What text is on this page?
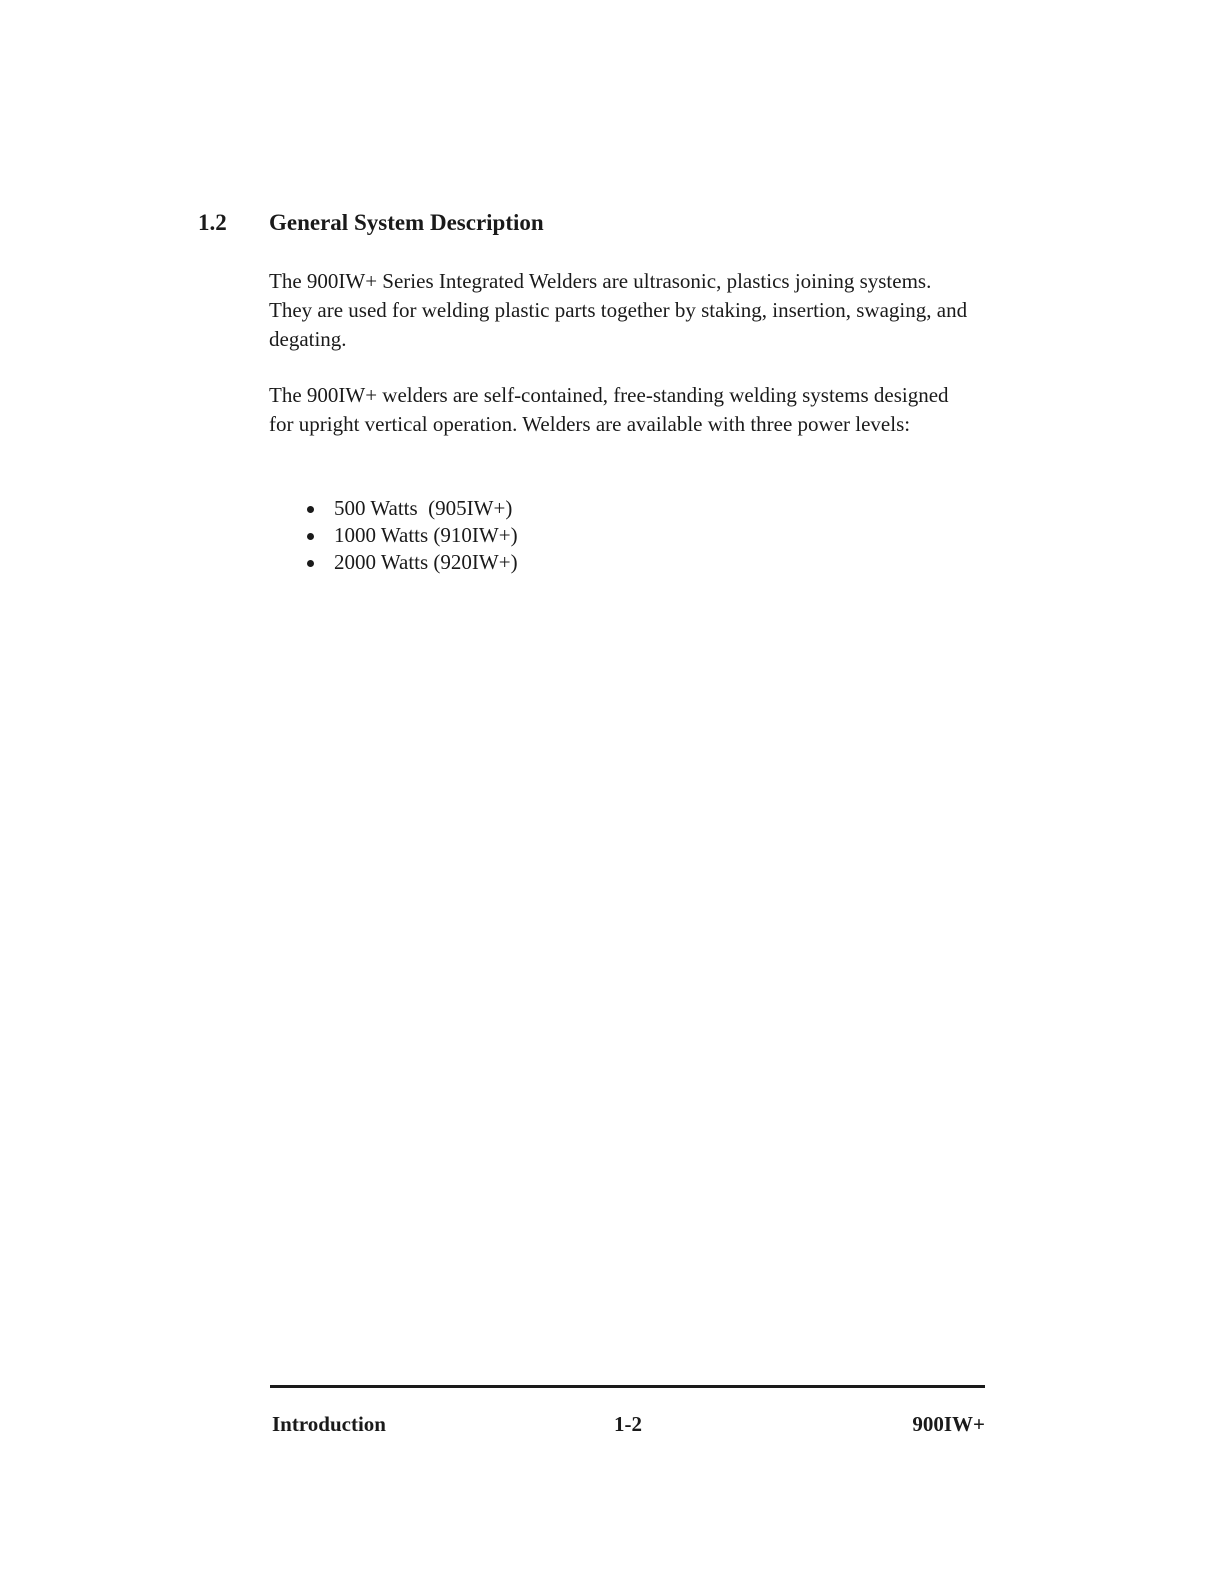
1.2 General System Description

The 900IW+ Series Integrated Welders are ultrasonic, plastics joining systems. They are used for welding plastic parts together by staking, insertion, swaging, and degating.

The 900IW+ welders are self-contained, free-standing welding systems designed for upright vertical operation. Welders are available with three power levels:

500 Watts  (905IW+)
1000 Watts (910IW+)
2000 Watts (920IW+)
Introduction	1-2	900IW+
